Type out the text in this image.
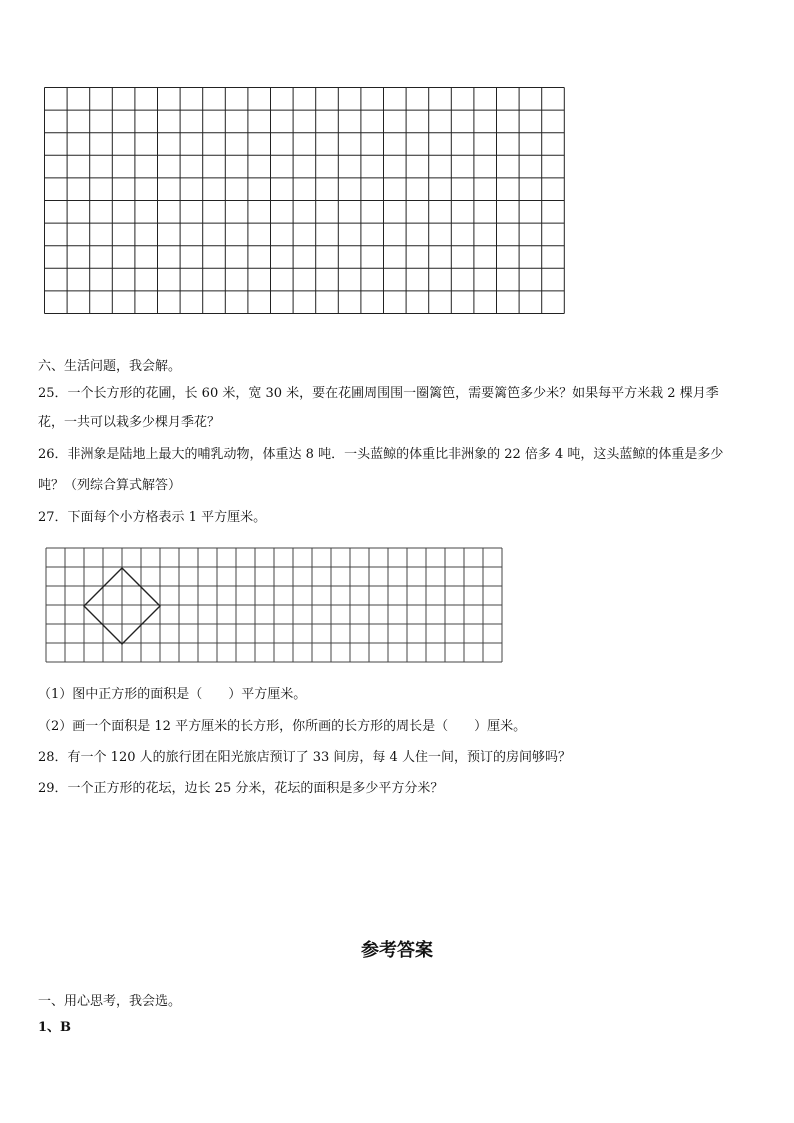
六、生活问题，我会解。
25．一个长方形的花圃，长 60 米，宽 30 米，要在花圃周围围一圈篱笆，需要篱笆多少米？如果每平方米栽 2 棵月季
花，一共可以栽多少棵月季花？
26．非洲象是陆地上最大的哺乳动物，体重达 8 吨．一头蓝鲸的体重比非洲象的 22 倍多 4 吨，这头蓝鲸的体重是多少
吨？（列综合算式解答）
27．下面每个小方格表示 1 平方厘米。
（1）图中正方形的面积是（　　）平方厘米。
（2）画一个面积是 12 平方厘米的长方形，你所画的长方形的周长是（　　）厘米。
28．有一个 120 人的旅行团在阳光旅店预订了 33 间房，每 4 人住一间，预订的房间够吗？
29．一个正方形的花坛，边长 25 分米，花坛的面积是多少平方分米？
参考答案
一、用心思考，我会选。
1、B
